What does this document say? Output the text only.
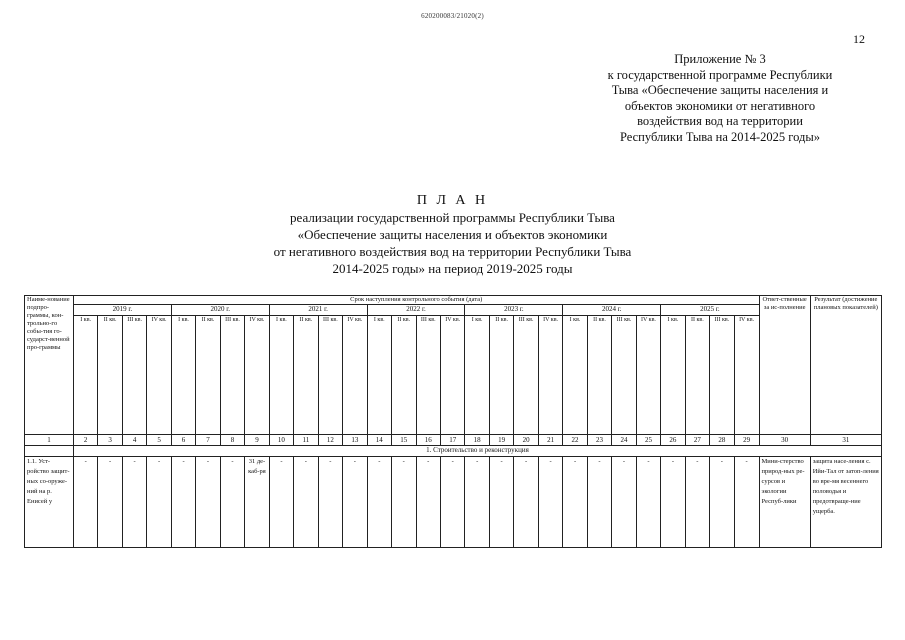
620200083/21020(2)
12
Приложение № 3
к государственной программе Республики
Тыва «Обеспечение защиты населения и
объектов экономики от негативного
воздействия вод на территории
Республики Тыва на 2014-2025 годы»
П Л А Н
реализации государственной программы Республики Тыва
«Обеспечение защиты населения и объектов экономики
от негативного воздействия вод на территории Республики Тыва
2014-2025 годы» на период 2019-2025 годы
Наиме-нование подпро-граммы, кон-трольно-го собы-тия го-сударст-венной про-граммы	Срок наступления контрольного события (дата)																												Ответ-ственные за ис-полнение	Результат (достижение плановых показателей)
	2019 г.				2020 г.				2021 г.				2022 г.				2023 г.				2024 г.				2025 г.					
	I кв.	II кв.	III кв.	IV кв.	I кв.	II кв.	III кв.	IV кв.	I кв.	II кв.	III кв.	IV кв.	I кв.	II кв.	III кв.	IV кв.	I кв.	II кв.	III кв.	IV кв.	I кв.	II кв.	III кв.	IV кв.	I кв.	II кв.	III кв.	IV кв.		
1	2	3	4	5	6	7	8	9	10	11	12	13	14	15	16	17	18	19	20	21	22	23	24	25	26	27	28	29	30	31
	1. Строительство и реконструкция																													
1.1. Уст-ройство защит-ных со-оруже-ний на р. Енисей у	-	-	-	-	-	-	-	31 де-каб-ря	-	-	-	-	-	-	-	-	-	-	-	-	-	-	-	-	-	-	-	-	Мини-стерство природ-ных ре-сурсов и экологии Респуб-лики	защита насе-ления с. Ийи-Тал от затоп-ления во вре-мя весеннего половодья и предотвраще-ние ущерба.
